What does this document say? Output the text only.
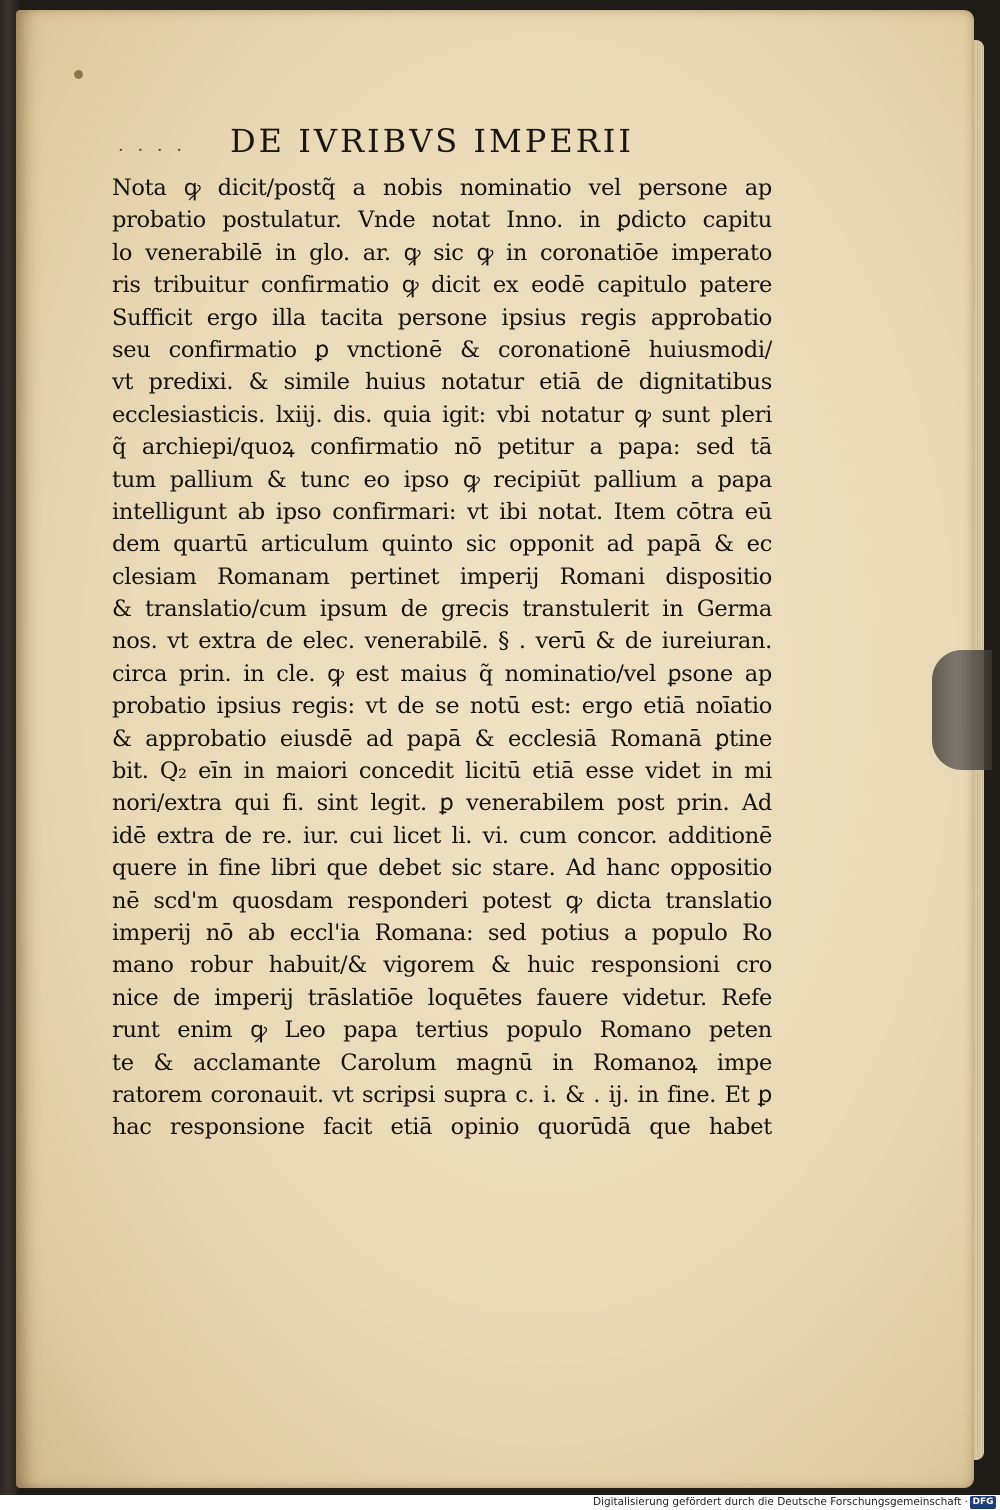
· · · · DE IVRIBVS IMPERII
Nota ꝙ dicit/postq̃ a nobis nominatio vel persone ap
probatio postulatur. Vnde notat Inno. in ꝑdicto capitu
lo venerabilē in glo. ar. ꝙ sic ꝙ in coronatiōe imperato
ris tribuitur confirmatio ꝙ dicit ex eodē capitulo patere
Sufficit ergo illa tacita persone ipsius regis approbatio
seu confirmatio ꝑ vnctionē & coronationē huiusmodi/
vt predixi. & simile huius notatur etiā de dignitatibus
ecclesiasticis. lxiij. dis. quia igit: vbi notatur ꝙ sunt pleri
q̃ archiepi/quoꝝ confirmatio nō petitur a papa: sed tā
tum pallium & tunc eo ipso ꝙ recipiūt pallium a papa
intelligunt ab ipso confirmari: vt ibi notat. Item cōtra eū
dem quartū articulum quinto sic opponit ad papā & ec
clesiam Romanam pertinet imperij Romani dispositio
& translatio/cum ipsum de grecis transtulerit in Germa
nos. vt extra de elec. venerabilē. § . verū & de iureiuran.
circa prin. in cle. ꝙ est maius q̃ nominatio/vel ꝑsone ap
probatio ipsius regis: vt de se notū est: ergo etiā noīatio
& approbatio eiusdē ad papā & ecclesiā Romanā ꝑtine
bit. Q₂ eīn in maiori concedit licitū etiā esse videt in mi
nori/extra qui fi. sint legit. ꝑ venerabilem post prin. Ad
idē extra de re. iur. cui licet li. vi. cum concor. additionē
quere in fine libri que debet sic stare. Ad hanc oppositio
nē scd'm quosdam responderi potest ꝙ dicta translatio
imperij nō ab eccl'ia Romana: sed potius a populo Ro
mano robur habuit/& vigorem & huic responsioni cro
nice de imperij trāslatiōe loquētes fauere videtur. Refe
runt enim ꝙ Leo papa tertius populo Romano peten
te & acclamante Carolum magnū in Romanoꝝ impe
ratorem coronauit. vt scripsi supra c. i. & . ij. in fine. Et ꝑ
hac responsione facit etiā opinio quorūdā que habet
Digitalisierung gefördert durch die Deutsche Forschungsgemeinschaft · DFG
